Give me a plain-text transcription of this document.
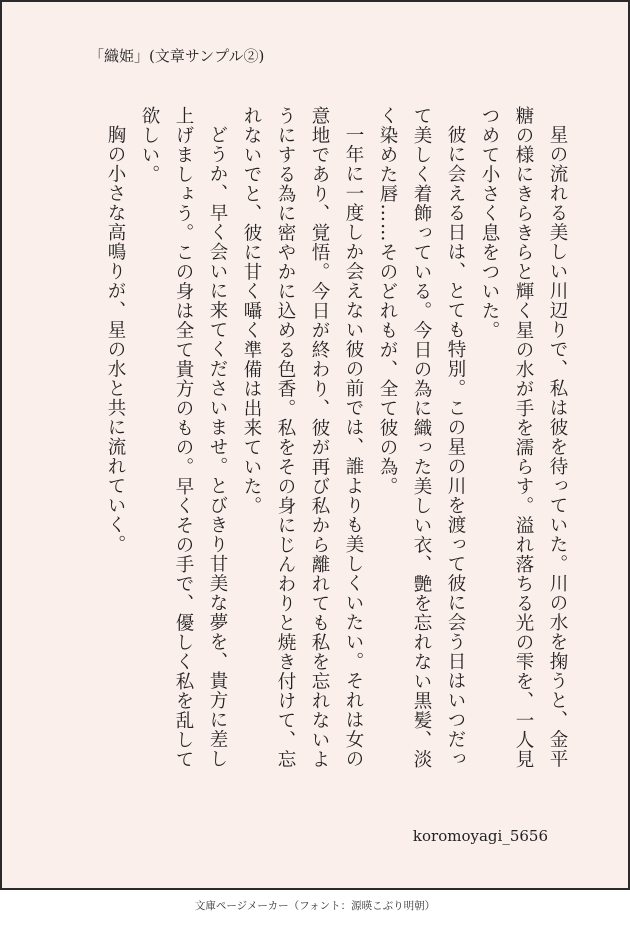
「織姫」(文章サンプル②)

星の流れる美しい川辺りで、私は彼を待っていた。川の水を掬うと、金平糖の様にきらきらと輝く星の水が手を濡らす。溢れ落ちる光の雫を、一人見つめて小さく息をついた。

彼に会える日は、とても特別。この星の川を渡って彼に会う日はいつだって美しく着飾っている。今日の為に織った美しい衣、艶を忘れない黒髪、淡く染めた唇……そのどれもが、全て彼の為。

一年に一度しか会えない彼の前では、誰よりも美しくいたい。それは女の意地であり、覚悟。今日が終わり、彼が再び私から離れても私を忘れないようにする為に密やかに込める色香。私をその身にじんわりと焼き付けて、忘れないでと、彼に甘く囁く準備は出来ていた。

どうか、早く会いに来てくださいませ。とびきり甘美な夢を、貴方に差し上げましょう。この身は全て貴方のもの。早くその手で、優しく私を乱して欲しい。

胸の小さな高鳴りが、星の水と共に流れていく。

koromoyagi_5656
文庫ページメーカー（フォント：源暎こぶり明朝）
